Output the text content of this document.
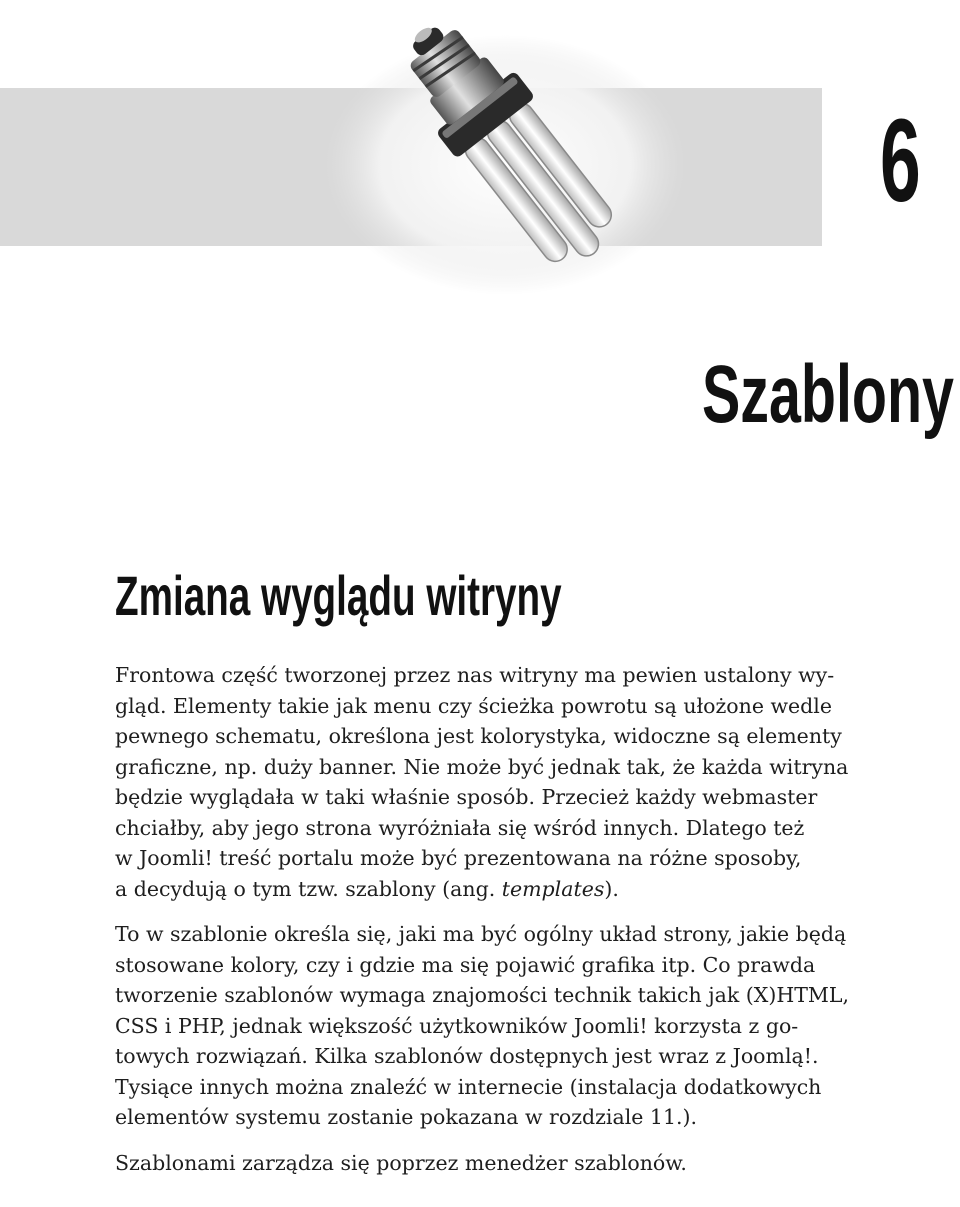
6
Szablony
Zmiana wyglądu witryny

Frontowa część tworzonej przez nas witryny ma pewien ustalony wy-
gląd. Elementy takie jak menu czy ścieżka powrotu są ułożone wedle
pewnego schematu, określona jest kolorystyka, widoczne są elementy
graficzne, np. duży banner. Nie może być jednak tak, że każda witryna
będzie wyglądała w taki właśnie sposób. Przecież każdy webmaster
chciałby, aby jego strona wyróżniała się wśród innych. Dlatego też
w Joomli! treść portalu może być prezentowana na różne sposoby,
a decydują o tym tzw. szablony (ang. templates).

To w szablonie określa się, jaki ma być ogólny układ strony, jakie będą
stosowane kolory, czy i gdzie ma się pojawić grafika itp. Co prawda
tworzenie szablonów wymaga znajomości technik takich jak (X)HTML,
CSS i PHP, jednak większość użytkowników Joomli! korzysta z go-
towych rozwiązań. Kilka szablonów dostępnych jest wraz z Joomlą!.
Tysiące innych można znaleźć w internecie (instalacja dodatkowych
elementów systemu zostanie pokazana w rozdziale 11.).

Szablonami zarządza się poprzez menedżer szablonów.
